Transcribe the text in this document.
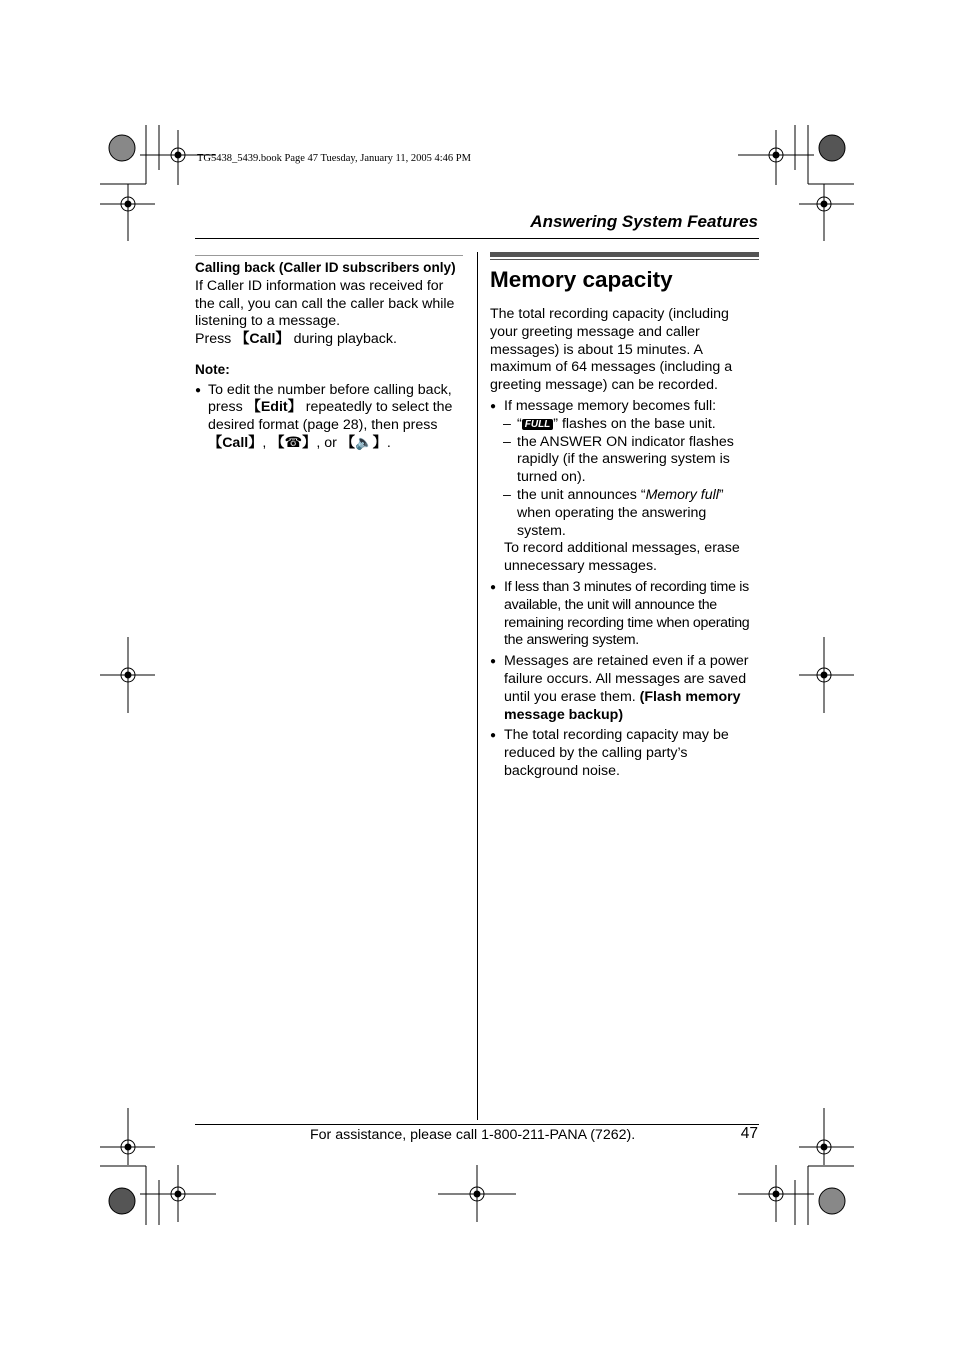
TG5438_5439.book Page 47 Tuesday, January 11, 2005 4:46 PM
Answering System Features
Calling back (Caller ID subscribers only)
If Caller ID information was received for the call, you can call the caller back while listening to a message.
Press 【Call】 during playback.
Note:
● To edit the number before calling back, press 【Edit】 repeatedly to select the desired format (page 28), then press 【Call】, 【☎】, or 【🔈】.
Memory capacity
The total recording capacity (including your greeting message and caller messages) is about 15 minutes. A maximum of 64 messages (including a greeting message) can be recorded.
● If message memory becomes full:
– “ FULL ” flashes on the base unit.
– the ANSWER ON indicator flashes rapidly (if the answering system is turned on).
– the unit announces “Memory full” when operating the answering system.
To record additional messages, erase unnecessary messages.
● If less than 3 minutes of recording time is available, the unit will announce the remaining recording time when operating the answering system.
● Messages are retained even if a power failure occurs. All messages are saved until you erase them. (Flash memory message backup)
● The total recording capacity may be reduced by the calling party’s background noise.
For assistance, please call 1-800-211-PANA (7262).	47
